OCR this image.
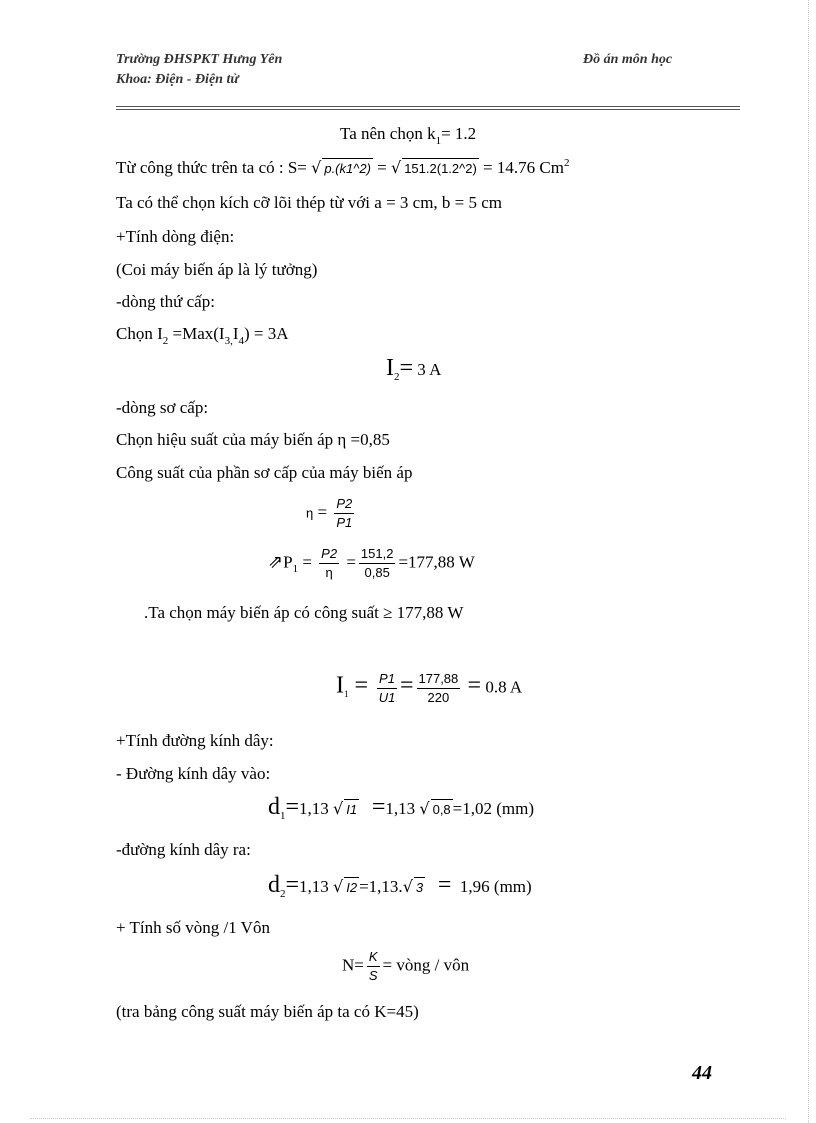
Trường ĐHSPKT Hưng Yên
Khoa: Điện - Điện tử
Đồ án môn học
Ta nên chọn $k_1= 1.2$
Từ công thức trên ta có : S= √ p.(k1^2) = √ 151.2(1.2^2) = 14.76 Cm$^2$
Ta có thể chọn kích cỡ lõi thép từ với a = 3 cm, b = 5 cm
+Tính dòng điện:
(Coi máy biến áp là lý tưởng)
-dòng thứ cấp:
Chọn $I_2 =Max(I_{3,}I_4) = 3A$
$I_2= 3$ A
-dòng sơ cấp:
Chọn hiệu suất của máy biến áp η =0,85
Công suất của phần sơ cấp của máy biến áp
$\eta = \frac{P2}{P1}$
$⇗P_1 = \frac{P2}{\eta} = \frac{151,2}{0,85} =177,88$ W
.Ta chọn máy biến áp có công suất ≥ 177,88 W
$I_1 = \frac{P1}{U1} = \frac{177,88}{220} = 0.8$ A
+Tính đường kính dây:
- Đường kính dây vào:
$d_1=1,13$ √ I1 =1,13 √ 0,8 =1,02 (mm)
-đường kính dây ra:
$d_2=1,13$ √ I2 =1,13.√ 3 = 1,96 (mm)
+ Tính số vòng /1 Vôn
$N= \frac{K}{S}$ = vòng / vôn
(tra bảng công suất máy biến áp ta có K=45)
44
